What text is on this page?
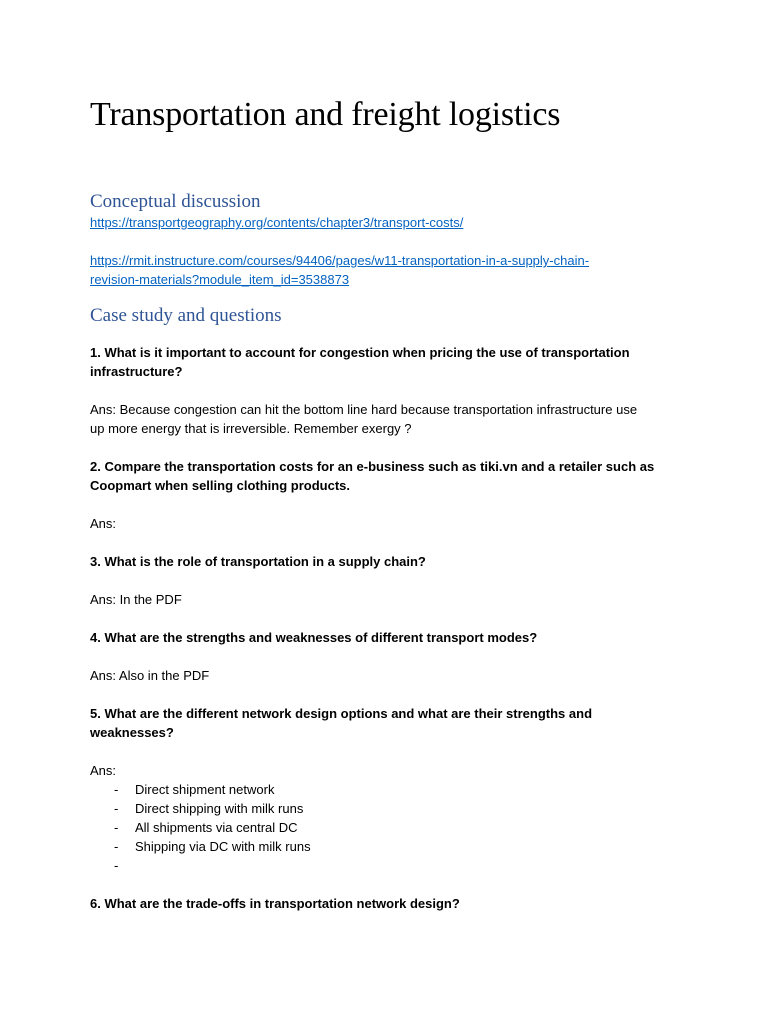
Transportation and freight logistics
Conceptual discussion
https://transportgeography.org/contents/chapter3/transport-costs/
https://rmit.instructure.com/courses/94406/pages/w11-transportation-in-a-supply-chain-
revision-materials?module_item_id=3538873
Case study and questions

1. What is it important to account for congestion when pricing the use of transportation
infrastructure?

Ans: Because congestion can hit the bottom line hard because transportation infrastructure use
up more energy that is irreversible. Remember exergy ?

2. Compare the transportation costs for an e-business such as tiki.vn and a retailer such as
Coopmart when selling clothing products.

Ans:

3. What is the role of transportation in a supply chain?

Ans: In the PDF

4. What are the strengths and weaknesses of different transport modes?

Ans: Also in the PDF

5. What are the different network design options and what are their strengths and
weaknesses?

Ans:

- Direct shipment network
- Direct shipping with milk runs
- All shipments via central DC
- Shipping via DC with milk runs
-

6. What are the trade-offs in transportation network design?
